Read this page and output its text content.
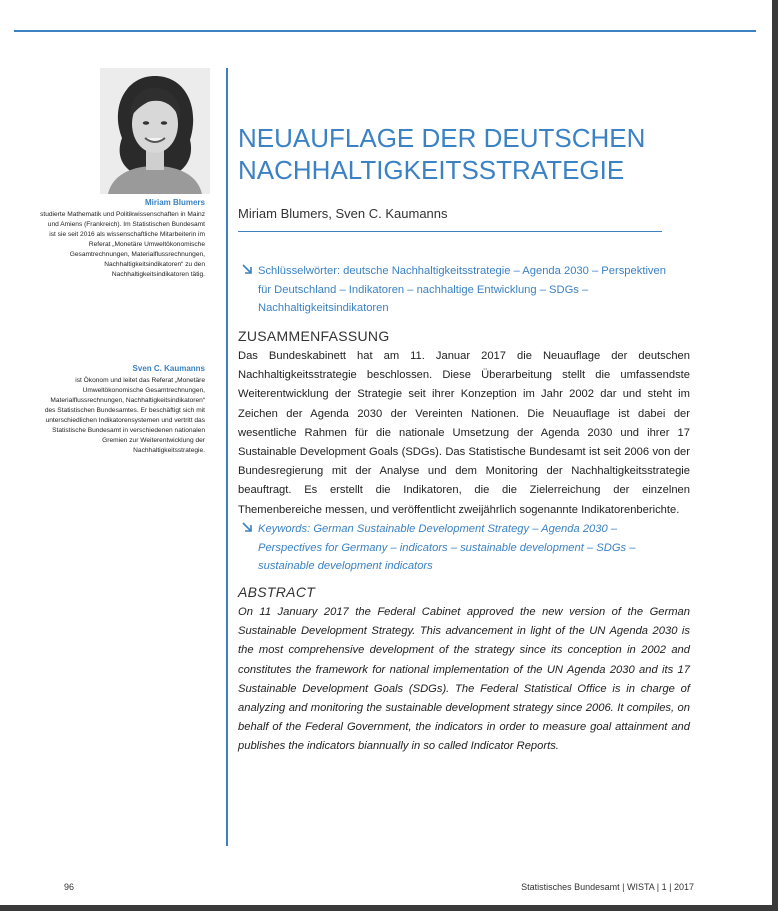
Miriam Blumers
studierte Mathematik und Politikwissenschaften in Mainz und Amiens (Frankreich). Im Statistischen Bundesamt ist sie seit 2016 als wissenschaftliche Mitarbeiterin im Referat „Monetäre Umweltökonomische Gesamtrechnungen, Materialflussrechnungen, Nachhaltigkeitsindikatoren“ zu den Nachhaltigkeitsindikatoren tätig.
Sven C. Kaumanns
ist Ökonom und leitet das Referat „Monetäre Umweltökonomische Gesamtrechnungen, Materialflussrechnungen, Nachhaltigkeitsindikatoren“ des Statistischen Bundesamtes. Er beschäftigt sich mit unterschiedlichen Indikatorensystemen und vertritt das Statistische Bundesamt in verschiedenen nationalen Gremien zur Weiterentwicklung der Nachhaltigkeitsstrategie.
NEUAUFLAGE DER DEUTSCHEN
NACHHALTIGKEITSSTRATEGIE
Miriam Blumers, Sven C. Kaumanns
Schlüsselwörter: deutsche Nachhaltigkeitsstrategie – Agenda 2030 – Perspektiven für Deutschland – Indikatoren – nachhaltige Entwicklung – SDGs – Nachhaltigkeitsindikatoren
ZUSAMMENFASSUNG
Das Bundeskabinett hat am 11. Januar 2017 die Neuauflage der deutschen Nachhaltigkeitsstrategie beschlossen. Diese Überarbeitung stellt die umfassendste Weiterentwicklung der Strategie seit ihrer Konzeption im Jahr 2002 dar und steht im Zeichen der Agenda 2030 der Vereinten Nationen. Die Neuauflage ist dabei der wesentliche Rahmen für die nationale Umsetzung der Agenda 2030 und ihrer 17 Sustainable Development Goals (SDGs). Das Statistische Bundesamt ist seit 2006 von der Bundesregierung mit der Analyse und dem Monitoring der Nachhaltigkeitsstrategie beauftragt. Es erstellt die Indikatoren, die die Zielerreichung der einzelnen Themenbereiche messen, und veröffentlicht zweijährlich sogenannte Indikatorenberichte.
Keywords: German Sustainable Development Strategy – Agenda 2030 – Perspectives for Germany – indicators – sustainable development – SDGs – sustainable development indicators
ABSTRACT
On 11 January 2017 the Federal Cabinet approved the new version of the German Sustainable Development Strategy. This advancement in light of the UN Agenda 2030 is the most comprehensive development of the strategy since its conception in 2002 and constitutes the framework for national implementation of the UN Agenda 2030 and its 17 Sustainable Development Goals (SDGs). The Federal Statistical Office is in charge of analyzing and monitoring the sustainable development strategy since 2006. It compiles, on behalf of the Federal Government, the indicators in order to measure goal attainment and publishes the indicators biannually in so called Indicator Reports.
96	Statistisches Bundesamt | WISTA | 1 | 2017
